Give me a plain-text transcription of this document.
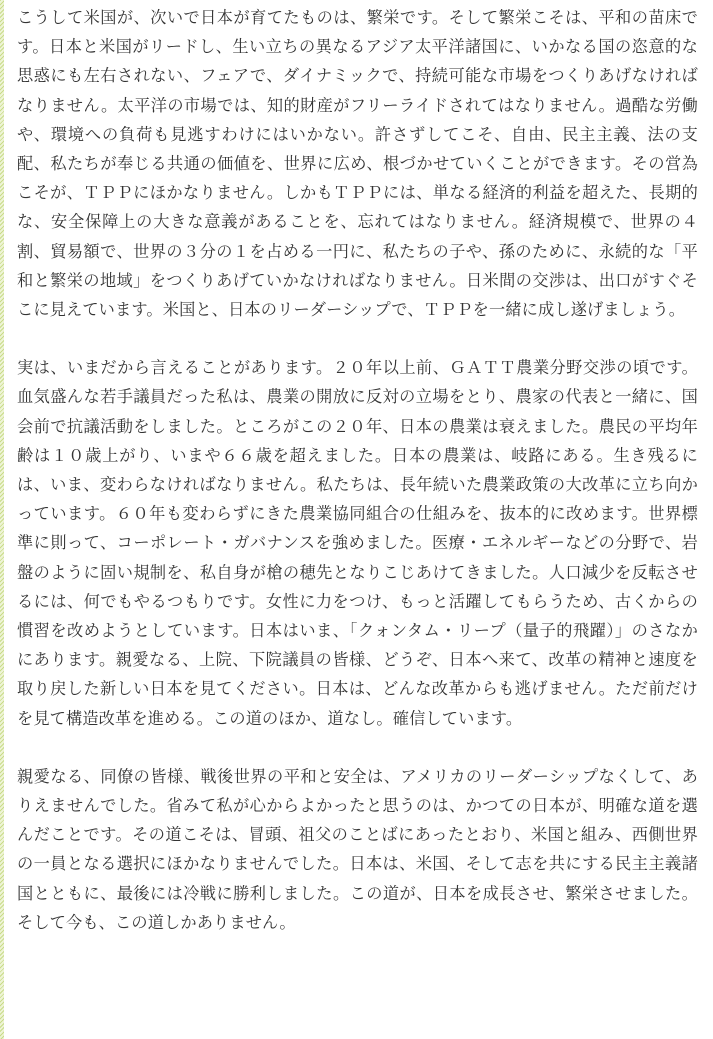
こうして米国が、次いで日本が育てたものは、繁栄です。そして繁栄こそは、平和の苗床です。日本と米国がリードし、生い立ちの異なるアジア太平洋諸国に、いかなる国の恣意的な思惑にも左右されない、フェアで、ダイナミックで、持続可能な市場をつくりあげなければなりません。太平洋の市場では、知的財産がフリーライドされてはなりません。過酷な労働や、環境への負荷も見逃すわけにはいかない。許さずしてこそ、自由、民主主義、法の支配、私たちが奉じる共通の価値を、世界に広め、根づかせていくことができます。その営為こそが、ＴＰＰにほかなりません。しかもＴＰＰには、単なる経済的利益を超えた、長期的な、安全保障上の大きな意義があることを、忘れてはなりません。経済規模で、世界の４割、貿易額で、世界の３分の１を占める一円に、私たちの子や、孫のために、永続的な「平和と繁栄の地域」をつくりあげていかなければなりません。日米間の交渉は、出口がすぐそこに見えています。米国と、日本のリーダーシップで、ＴＰＰを一緒に成し遂げましょう。

実は、いまだから言えることがあります。２０年以上前、ＧＡＴＴ農業分野交渉の頃です。血気盛んな若手議員だった私は、農業の開放に反対の立場をとり、農家の代表と一緒に、国会前で抗議活動をしました。ところがこの２０年、日本の農業は衰えました。農民の平均年齢は１０歳上がり、いまや６６歳を超えました。日本の農業は、岐路にある。生き残るには、いま、変わらなければなりません。私たちは、長年続いた農業政策の大改革に立ち向かっています。６０年も変わらずにきた農業協同組合の仕組みを、抜本的に改めます。世界標準に則って、コーポレート・ガバナンスを強めました。医療・エネルギーなどの分野で、岩盤のように固い規制を、私自身が槍の穂先となりこじあけてきました。人口減少を反転させるには、何でもやるつもりです。女性に力をつけ、もっと活躍してもらうため、古くからの慣習を改めようとしています。日本はいま、「クォンタム・リープ（量子的飛躍）」のさなかにあります。親愛なる、上院、下院議員の皆様、どうぞ、日本へ来て、改革の精神と速度を取り戻した新しい日本を見てください。日本は、どんな改革からも逃げません。ただ前だけを見て構造改革を進める。この道のほか、道なし。確信しています。

親愛なる、同僚の皆様、戦後世界の平和と安全は、アメリカのリーダーシップなくして、ありえませんでした。省みて私が心からよかったと思うのは、かつての日本が、明確な道を選んだことです。その道こそは、冒頭、祖父のことばにあったとおり、米国と組み、西側世界の一員となる選択にほかなりませんでした。日本は、米国、そして志を共にする民主主義諸国とともに、最後には冷戦に勝利しました。この道が、日本を成長させ、繁栄させました。そして今も、この道しかありません。
